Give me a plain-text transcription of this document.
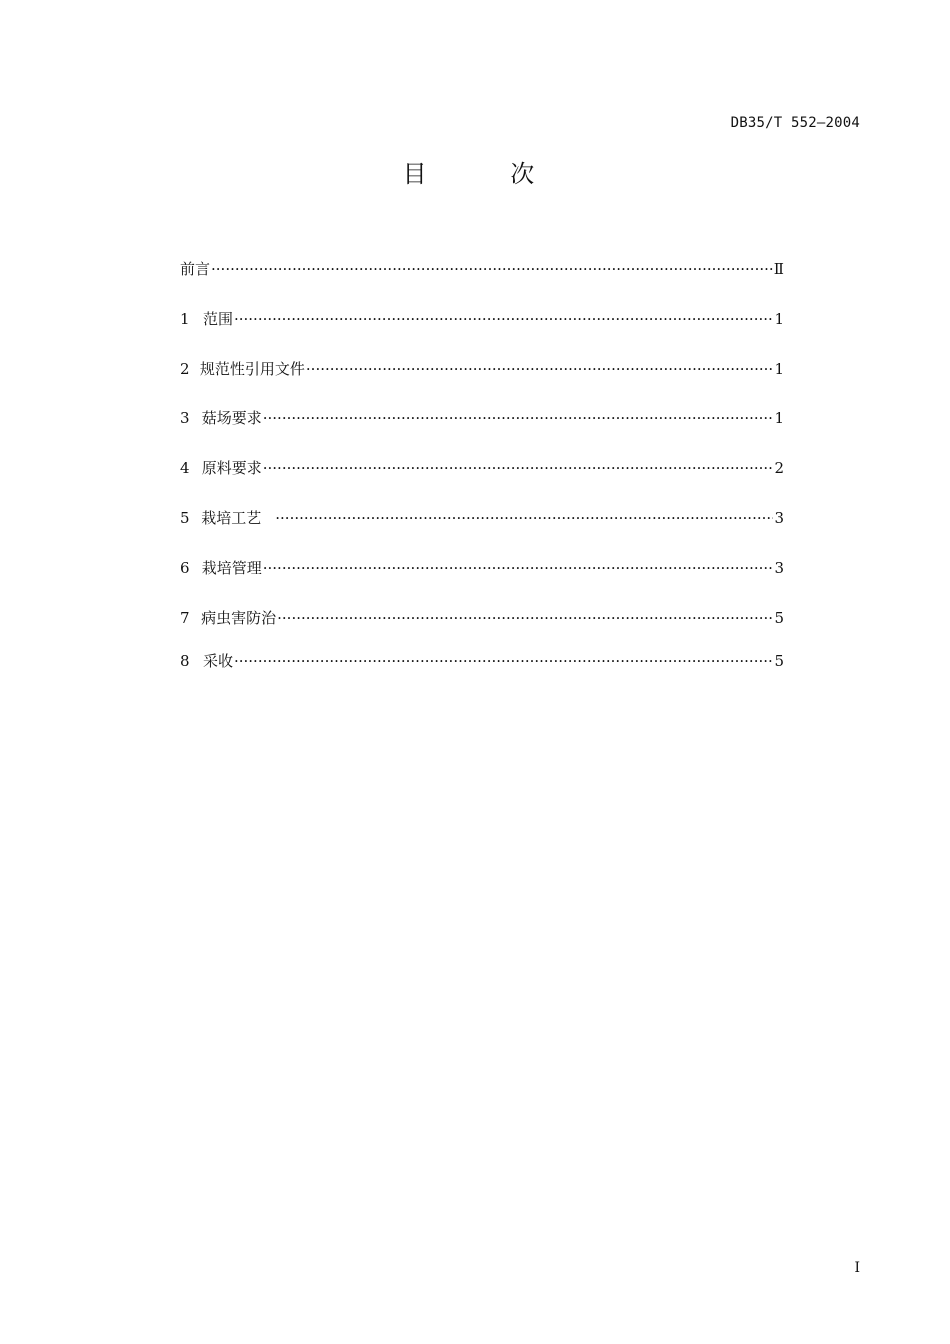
DB35/T 552—2004
目 次
前言 ·····	Ⅱ
1 范围 ·····	1
2 规范性引用文件 ·····	1
3 菇场要求 ·····	1
4 原料要求 ·····	2
5 栽培工艺 ·····	3
6 栽培管理 ·····	3
7 病虫害防治 ·····	5
8 采收 ·····	5
I
